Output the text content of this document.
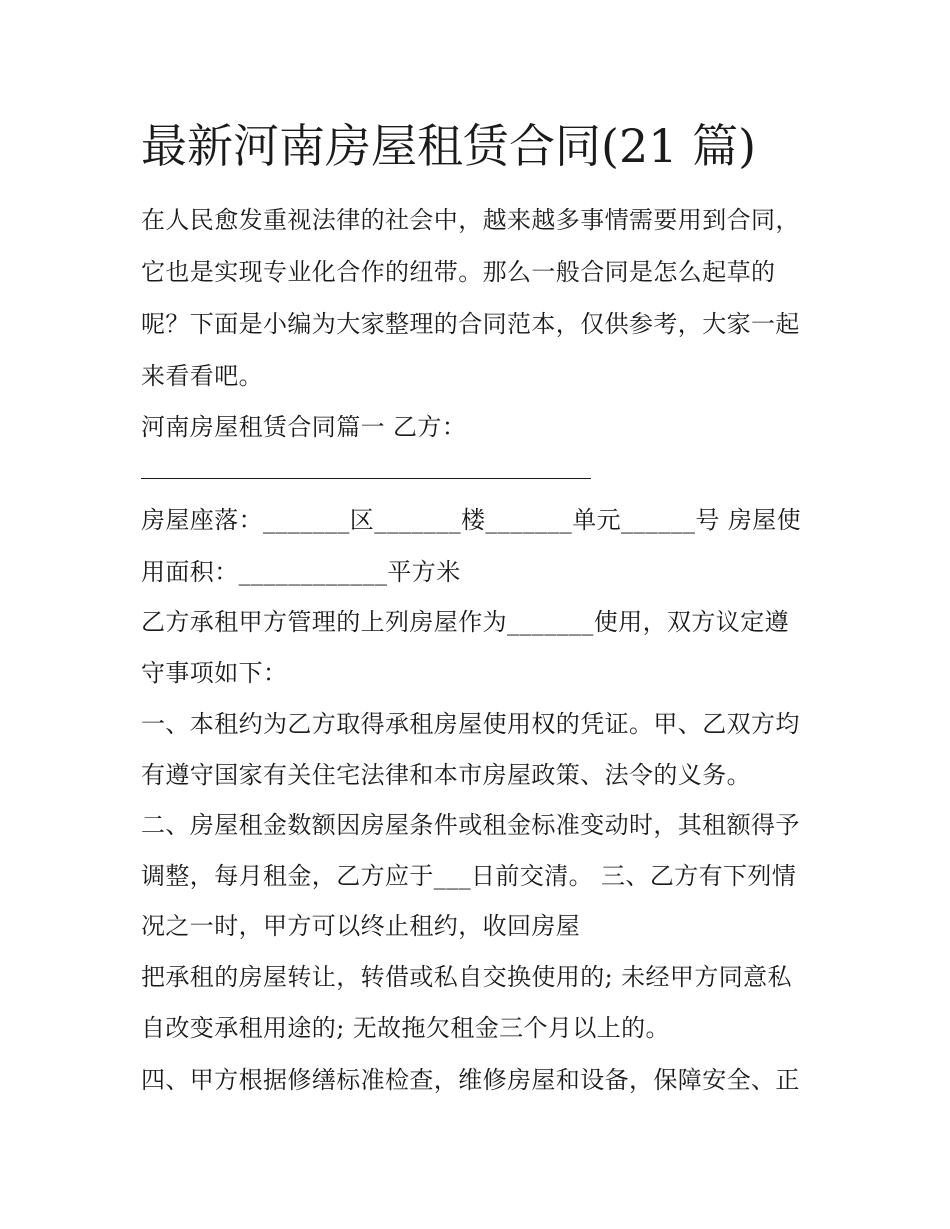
最新河南房屋租赁合同(21 篇)

在人民愈发重视法律的社会中，越来越多事情需要用到合同，

它也是实现专业化合作的纽带。那么一般合同是怎么起草的

呢？下面是小编为大家整理的合同范本，仅供参考，大家一起

来看看吧。

河南房屋租赁合同篇一 乙方：

房屋座落：_______区_______楼_______单元______号 房屋使

用面积：____________平方米

乙方承租甲方管理的上列房屋作为_______使用，双方议定遵

守事项如下：

一、本租约为乙方取得承租房屋使用权的凭证。甲、乙双方均

有遵守国家有关住宅法律和本市房屋政策、法令的义务。

二、房屋租金数额因房屋条件或租金标准变动时，其租额得予

调整，每月租金，乙方应于___日前交清。 三、乙方有下列情

况之一时，甲方可以终止租约，收回房屋

把承租的房屋转让，转借或私自交换使用的; 未经甲方同意私

自改变承租用途的; 无故拖欠租金三个月以上的。

四、甲方根据修缮标准检查，维修房屋和设备，保障安全、正
